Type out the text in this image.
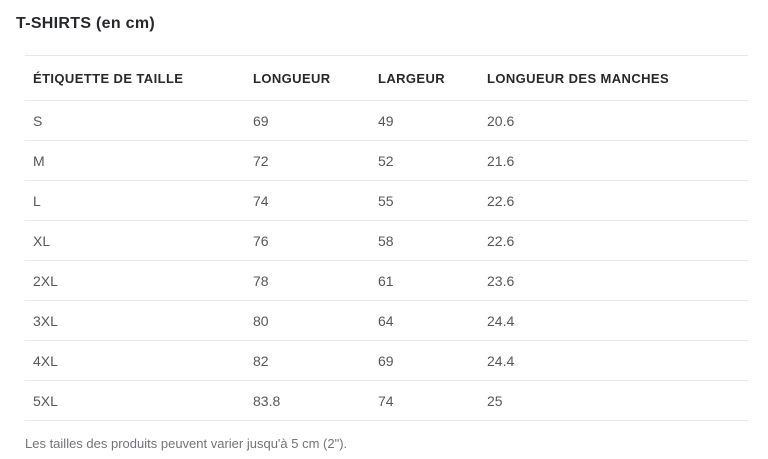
T-SHIRTS (en cm)
ÉTIQUETTE DE TAILLE	LONGUEUR	LARGEUR	LONGUEUR DES MANCHES
S	69	49	20.6
M	72	52	21.6
L	74	55	22.6
XL	76	58	22.6
2XL	78	61	23.6
3XL	80	64	24.4
4XL	82	69	24.4
5XL	83.8	74	25

Les tailles des produits peuvent varier jusqu'à 5 cm (2").
